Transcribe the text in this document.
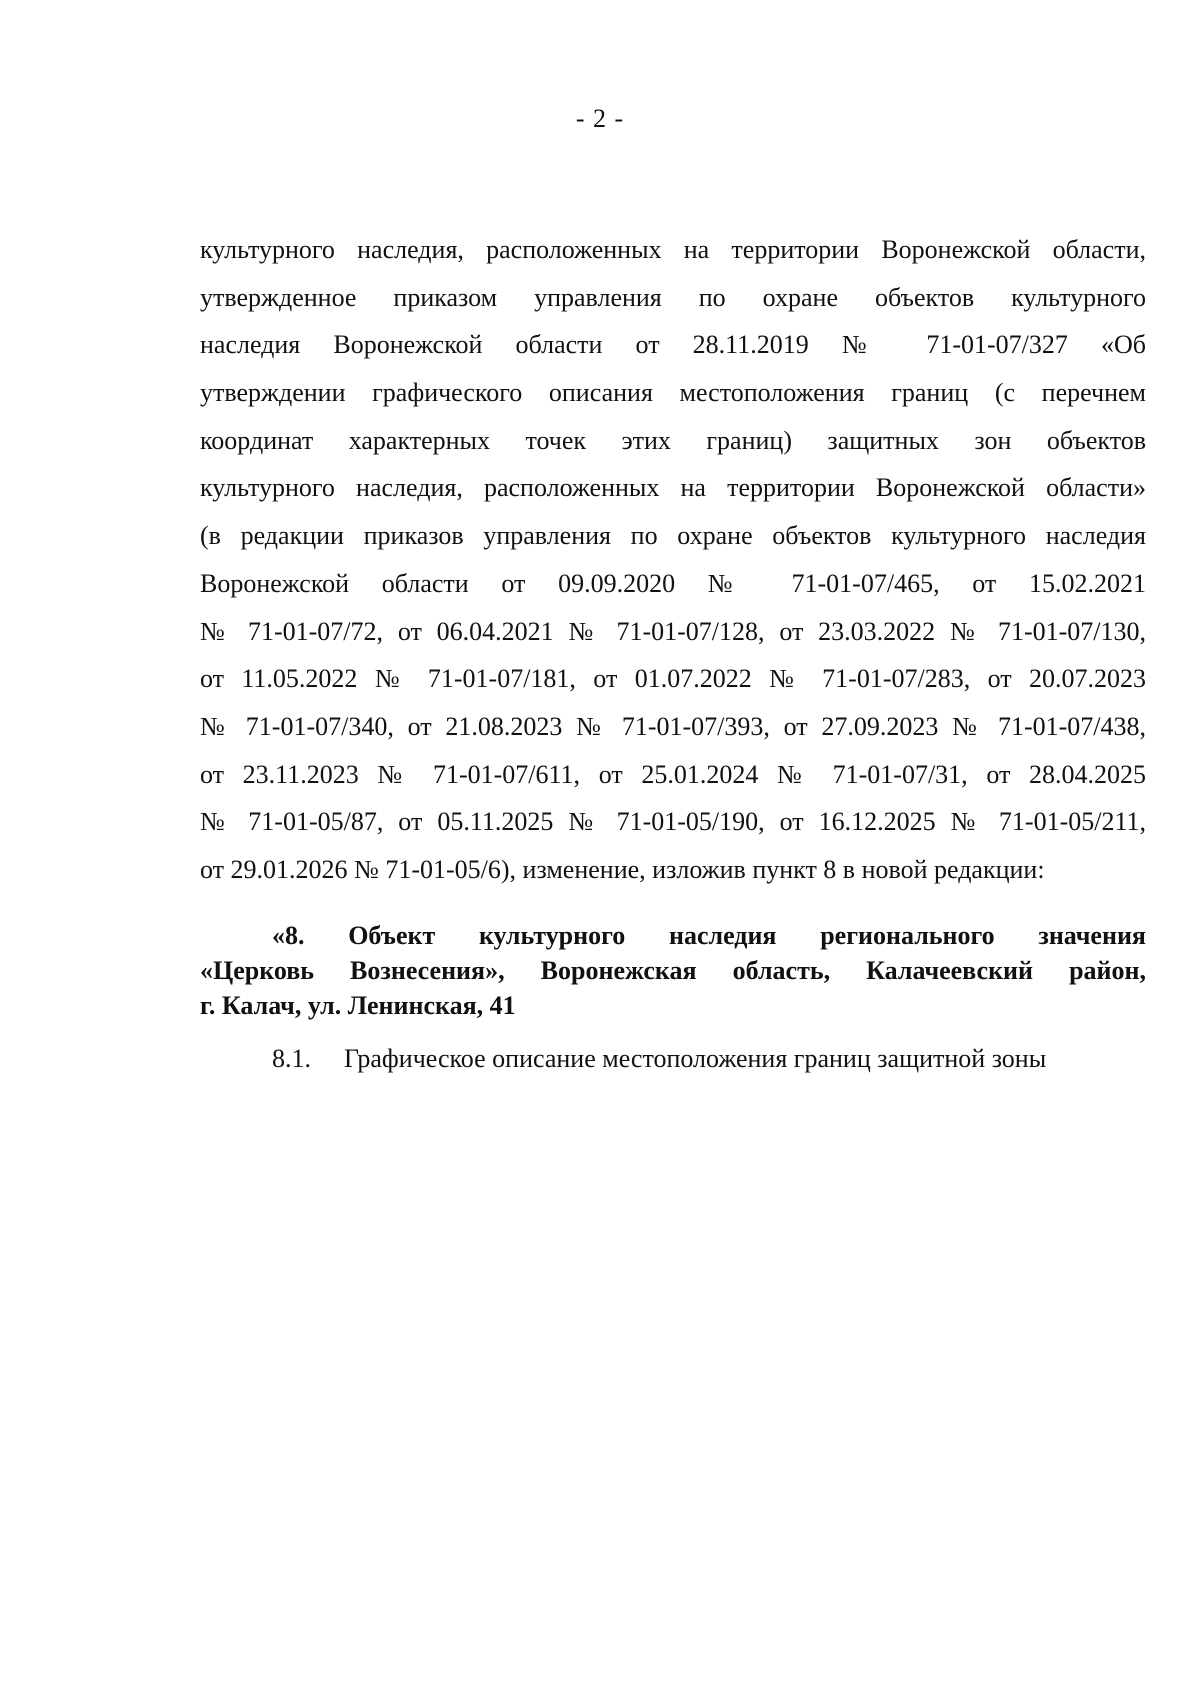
- 2 -
культурного наследия, расположенных на территории Воронежской области,
утвержденное приказом управления по охране объектов культурного
наследия Воронежской области от 28.11.2019 № 71-01-07/327 «Об
утверждении графического описания местоположения границ (с перечнем
координат характерных точек этих границ) защитных зон объектов
культурного наследия, расположенных на территории Воронежской области»
(в редакции приказов управления по охране объектов культурного наследия
Воронежской области от 09.09.2020 № 71-01-07/465, от 15.02.2021
№ 71-01-07/72, от 06.04.2021 № 71-01-07/128, от 23.03.2022 № 71-01-07/130,
от 11.05.2022 № 71-01-07/181, от 01.07.2022 № 71-01-07/283, от 20.07.2023
№ 71-01-07/340, от 21.08.2023 № 71-01-07/393, от 27.09.2023 № 71-01-07/438,
от 23.11.2023 № 71-01-07/611, от 25.01.2024 № 71-01-07/31, от 28.04.2025
№ 71-01-05/87, от 05.11.2025 № 71-01-05/190, от 16.12.2025 № 71-01-05/211,
от 29.01.2026 № 71-01-05/6), изменение, изложив пункт 8 в новой редакции:
«8. Объект культурного наследия регионального значения
«Церковь Вознесения», Воронежская область, Калачеевский район,
г. Калач, ул. Ленинская, 41
8.1. Графическое описание местоположения границ защитной зоны
